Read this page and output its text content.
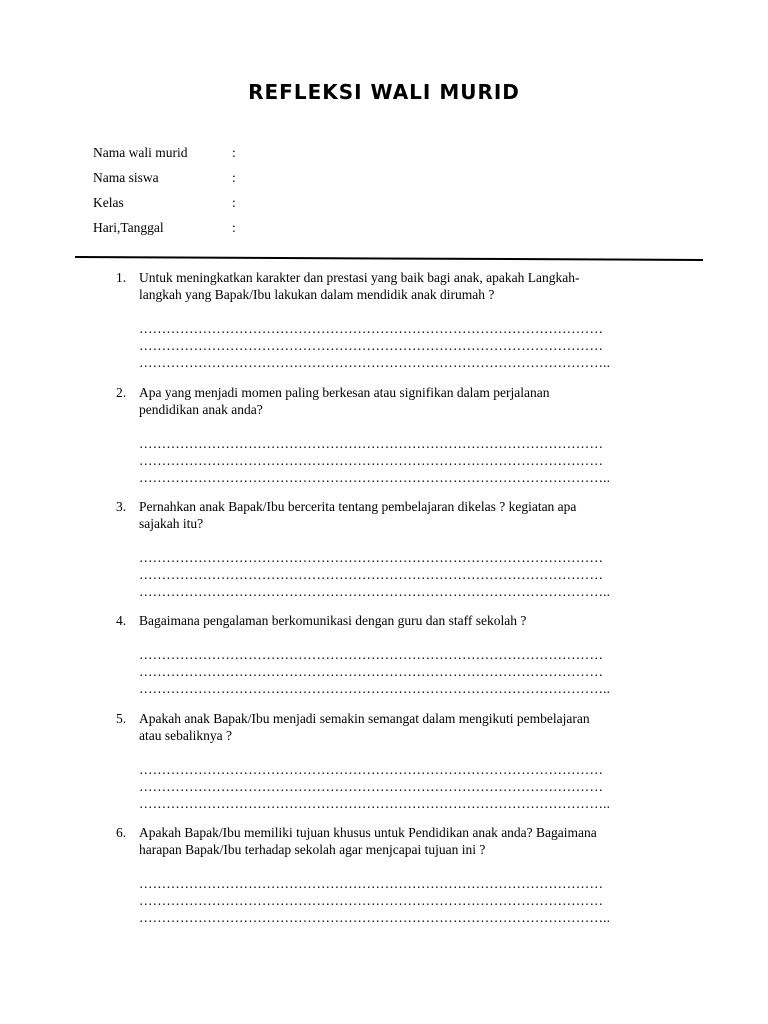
REFLEKSI WALI MURID
Nama wali murid	:
Nama siswa	:
Kelas	:
Hari,Tanggal	:
1. Untuk meningkatkan karakter dan prestasi yang baik bagi anak, apakah Langkah-
langkah yang Bapak/Ibu lakukan dalam mendidik anak dirumah ?
…………………………………………………………………………………………
…………………………………………………………………………………………
…………………………………………………………………………………………..
2. Apa yang menjadi momen paling berkesan atau signifikan dalam perjalanan
pendidikan anak anda?
…………………………………………………………………………………………
…………………………………………………………………………………………
…………………………………………………………………………………………..
3. Pernahkan anak Bapak/Ibu bercerita tentang pembelajaran dikelas ? kegiatan apa
sajakah itu?
…………………………………………………………………………………………
…………………………………………………………………………………………
…………………………………………………………………………………………..
4. Bagaimana pengalaman berkomunikasi dengan guru dan staff sekolah ?
…………………………………………………………………………………………
…………………………………………………………………………………………
…………………………………………………………………………………………..
5. Apakah anak Bapak/Ibu menjadi semakin semangat dalam mengikuti pembelajaran
atau sebaliknya ?
…………………………………………………………………………………………
…………………………………………………………………………………………
…………………………………………………………………………………………..
6. Apakah Bapak/Ibu memiliki tujuan khusus untuk Pendidikan anak anda? Bagaimana
harapan Bapak/Ibu terhadap sekolah agar menjcapai tujuan ini ?
…………………………………………………………………………………………
…………………………………………………………………………………………
…………………………………………………………………………………………..
